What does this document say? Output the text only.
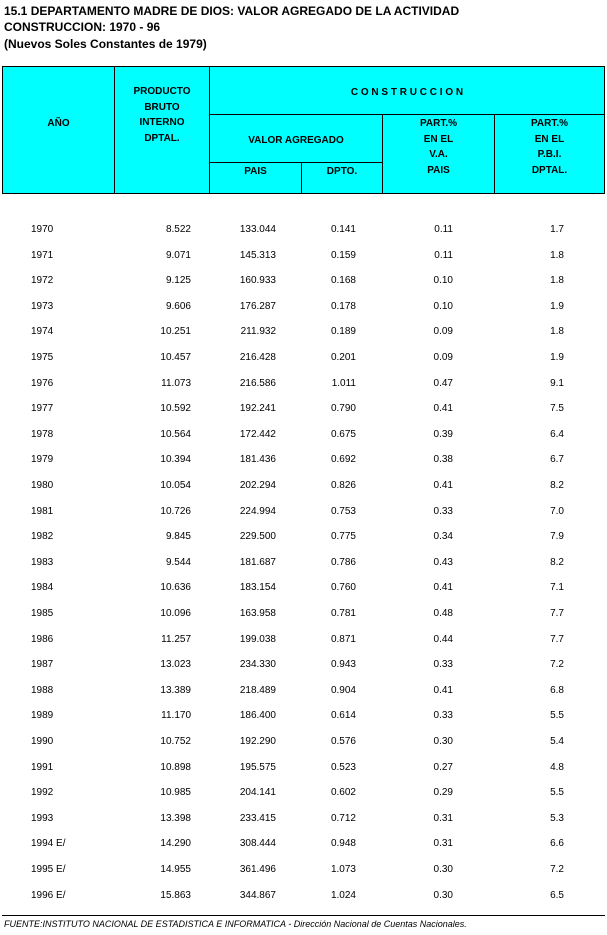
15.1 DEPARTAMENTO MADRE DE DIOS: VALOR AGREGADO DE LA ACTIVIDAD
CONSTRUCCION: 1970 - 96
(Nuevos Soles Constantes de 1979)
AÑO
PRODUCTO
BRUTO
INTERNO
DPTAL.
C O N S T R U C C I O N
VALOR AGREGADO
PAIS	DPTO.
PART.%
EN EL
V.A.
PAIS
PART.%
EN EL
P.B.I.
DPTAL.
1970	8.522	133.044	0.141	0.11	1.7
1971	9.071	145.313	0.159	0.11	1.8
1972	9.125	160.933	0.168	0.10	1.8
1973	9.606	176.287	0.178	0.10	1.9
1974	10.251	211.932	0.189	0.09	1.8
1975	10.457	216.428	0.201	0.09	1.9
1976	11.073	216.586	1.011	0.47	9.1
1977	10.592	192.241	0.790	0.41	7.5
1978	10.564	172.442	0.675	0.39	6.4
1979	10.394	181.436	0.692	0.38	6.7
1980	10.054	202.294	0.826	0.41	8.2
1981	10.726	224.994	0.753	0.33	7.0
1982	9.845	229.500	0.775	0.34	7.9
1983	9.544	181.687	0.786	0.43	8.2
1984	10.636	183.154	0.760	0.41	7.1
1985	10.096	163.958	0.781	0.48	7.7
1986	11.257	199.038	0.871	0.44	7.7
1987	13.023	234.330	0.943	0.33	7.2
1988	13.389	218.489	0.904	0.41	6.8
1989	11.170	186.400	0.614	0.33	5.5
1990	10.752	192.290	0.576	0.30	5.4
1991	10.898	195.575	0.523	0.27	4.8
1992	10.985	204.141	0.602	0.29	5.5
1993	13.398	233.415	0.712	0.31	5.3
1994 E/	14.290	308.444	0.948	0.31	6.6
1995 E/	14.955	361.496	1.073	0.30	7.2
1996 E/	15.863	344.867	1.024	0.30	6.5
FUENTE:INSTITUTO NACIONAL DE ESTADISTICA E INFORMATICA - Dirección Nacional de Cuentas Nacionales.
